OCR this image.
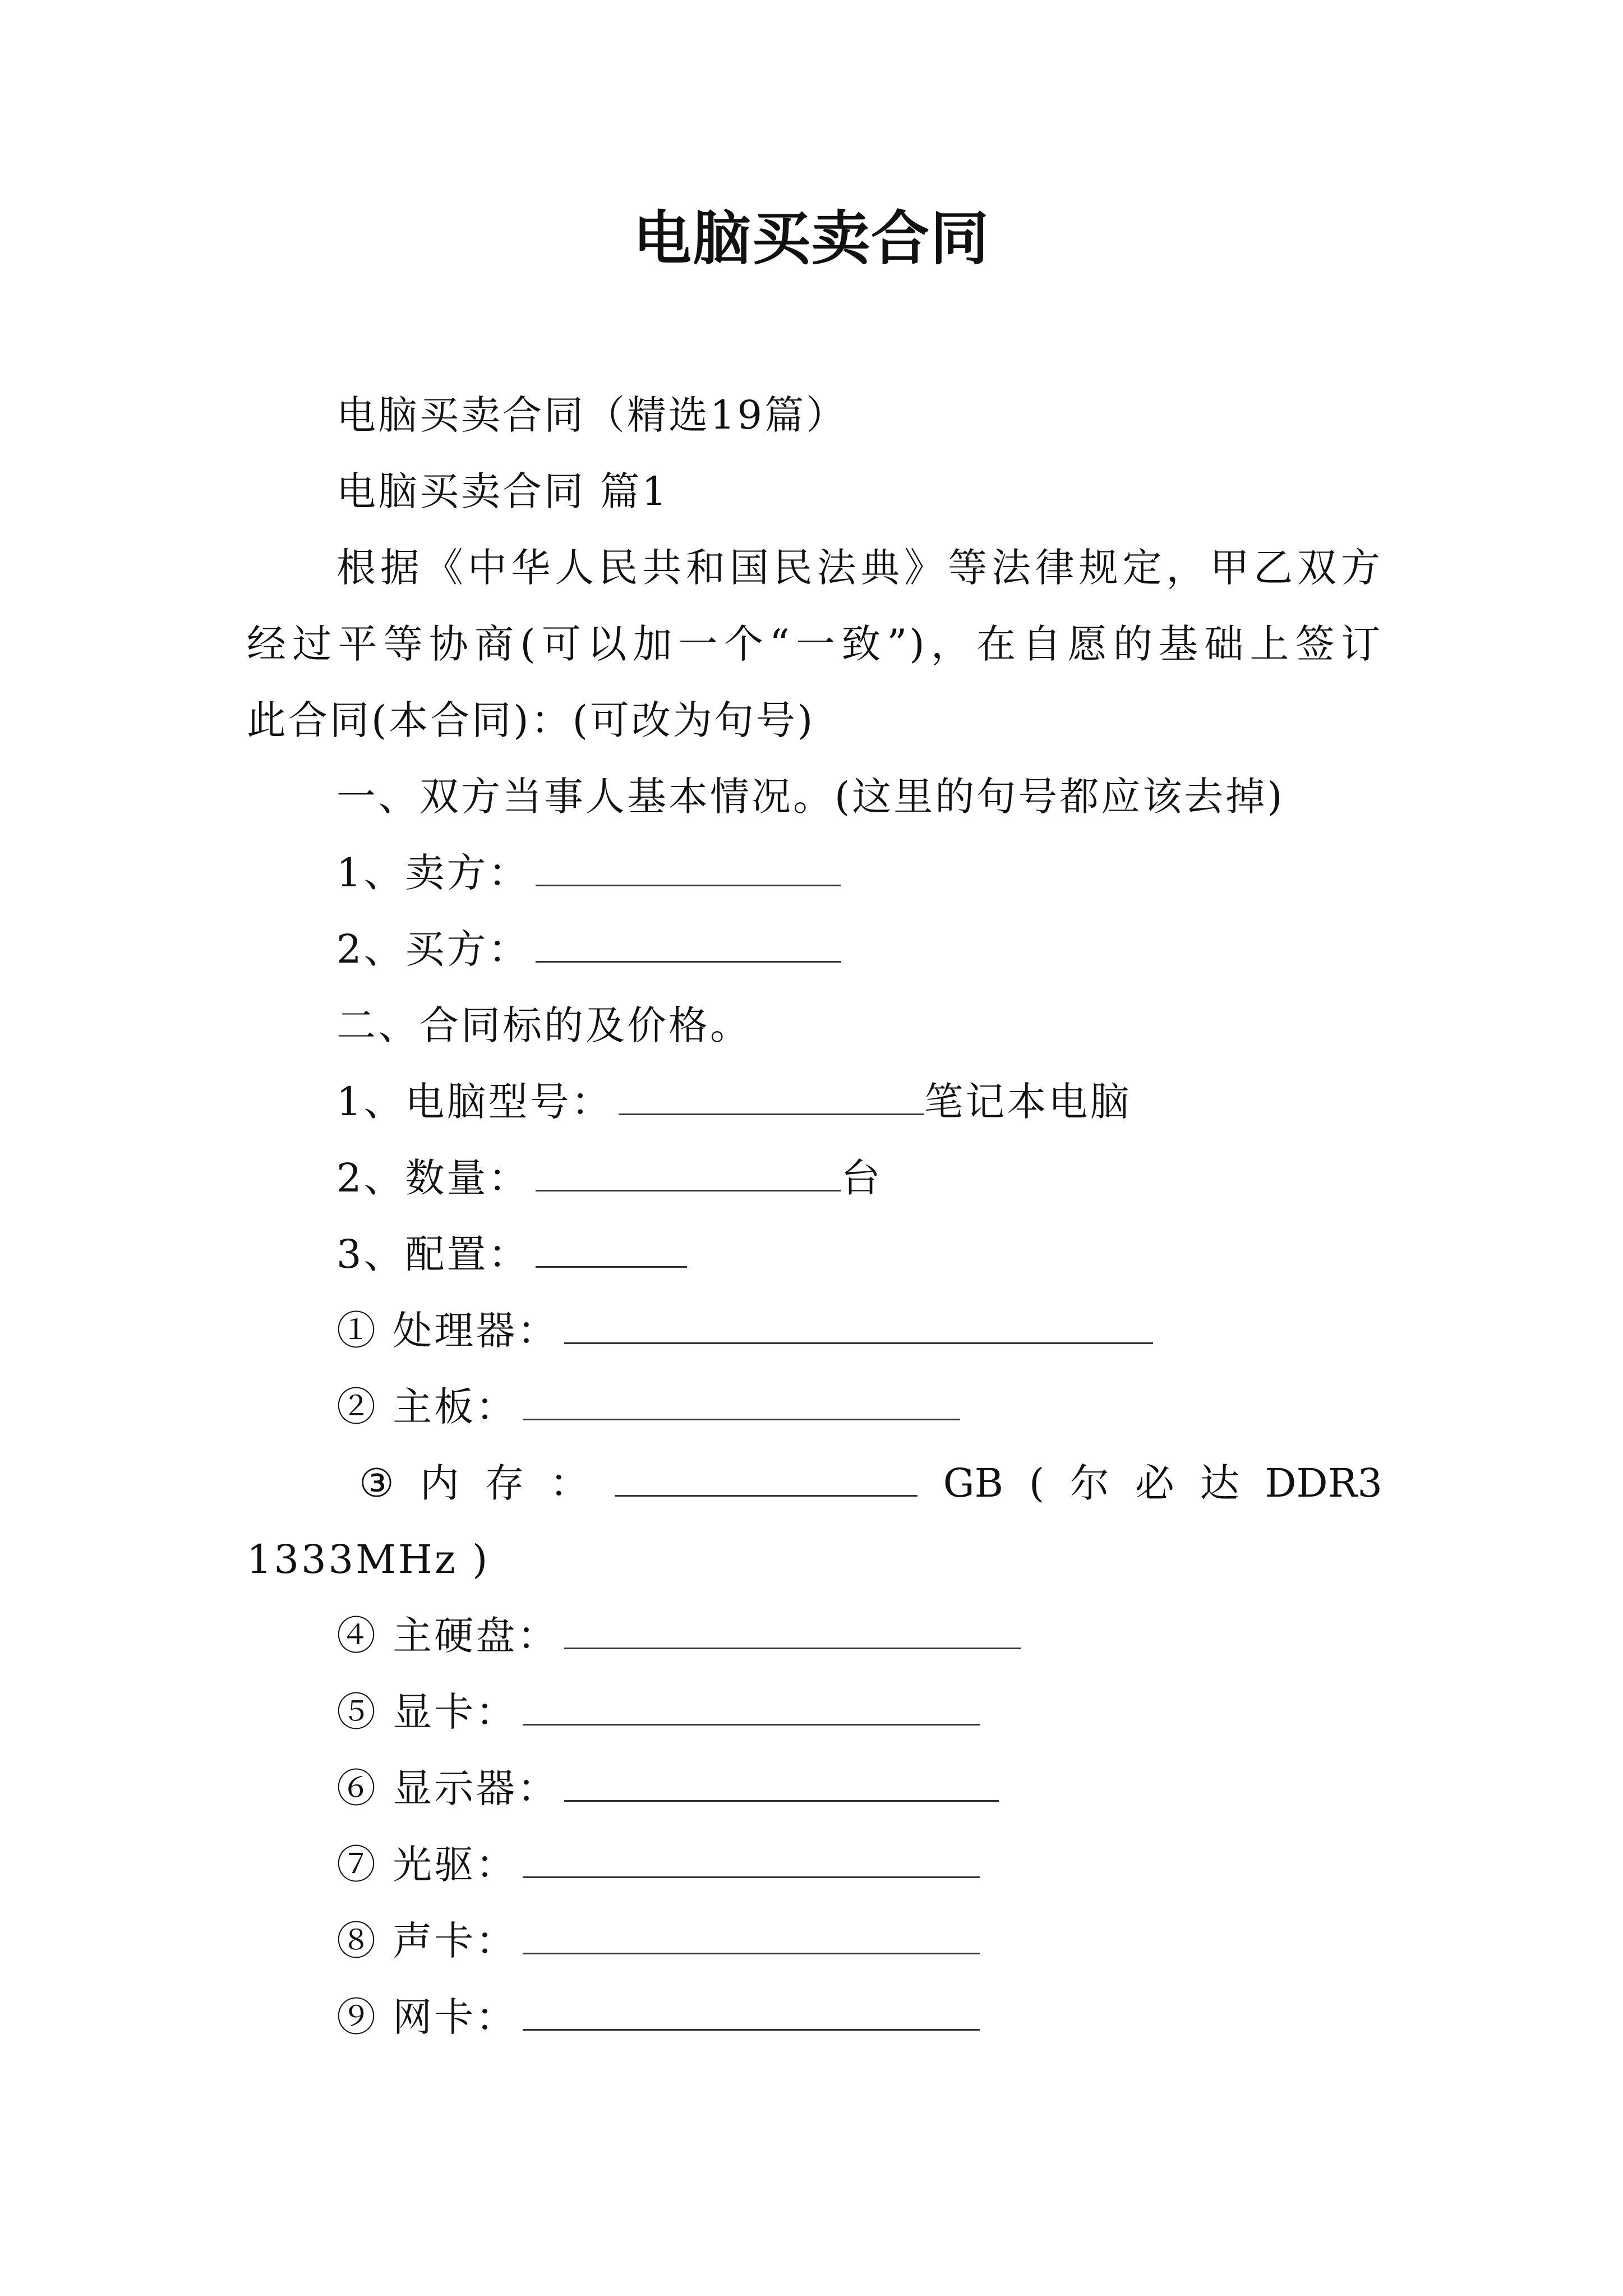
电脑买卖合同
电脑买卖合同（精选19篇）
电脑买卖合同 篇1
根据《中华人民共和国民法典》等法律规定，甲乙双方
经过平等协商(可以加一个“一致”)，在自愿的基础上签订
此合同(本合同)：(可改为句号)
一、双方当事人基本情况。(这里的句号都应该去掉)
1、卖方：
2、买方：
二、合同标的及价格。
1、电脑型号：	笔记本电脑
2、数量：	台
3、配置：
① 处理器：
② 主板：
③ 内 存 ：	GB ( 尔 必 达 DDR3
1333MHz )
④ 主硬盘：
⑤ 显卡：
⑥ 显示器：
⑦ 光驱：
⑧ 声卡：
⑨ 网卡：
